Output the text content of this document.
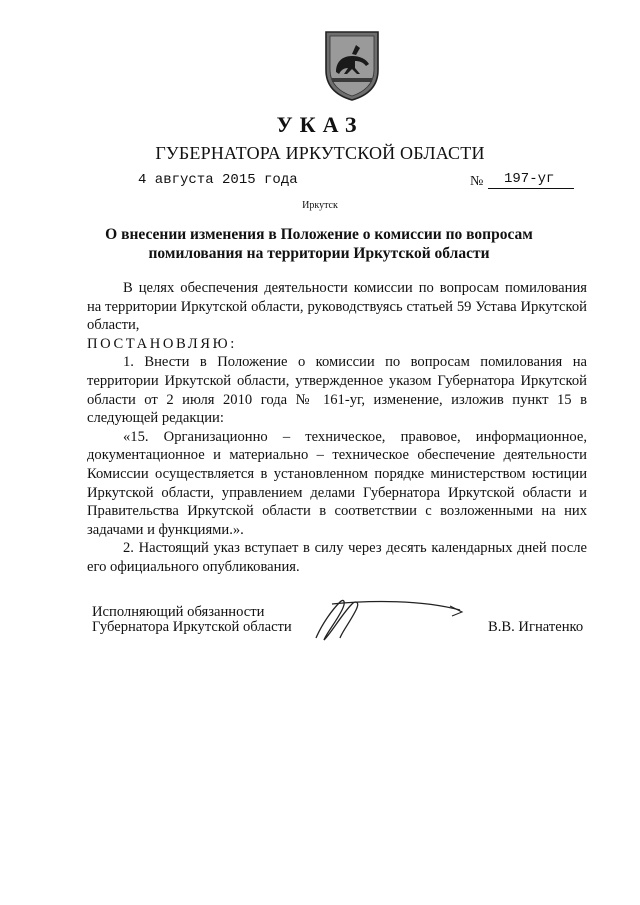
УКАЗ
ГУБЕРНАТОРА ИРКУТСКОЙ ОБЛАСТИ
4 августа 2015 года	№ 197-уг
Иркутск
О внесении изменения в Положение о комиссии по вопросам помилования на территории Иркутской области

В целях обеспечения деятельности комиссии по вопросам помилования на территории Иркутской области, руководствуясь статьей 59 Устава Иркутской области,

ПОСТАНОВЛЯЮ:

1. Внести в Положение о комиссии по вопросам помилования на территории Иркутской области, утвержденное указом Губернатора Иркутской области от 2 июля 2010 года № 161-уг, изменение, изложив пункт 15 в следующей редакции:

«15. Организационно – техническое, правовое, информационное, документационное и материально – техническое обеспечение деятельности Комиссии осуществляется в установленном порядке министерством юстиции Иркутской области, управлением делами Губернатора Иркутской области и Правительства Иркутской области в соответствии с возложенными на них задачами и функциями.».

2. Настоящий указ вступает в силу через десять календарных дней после его официального опубликования.

Исполняющий обязанности
Губернатора Иркутской области	В.В. Игнатенко
